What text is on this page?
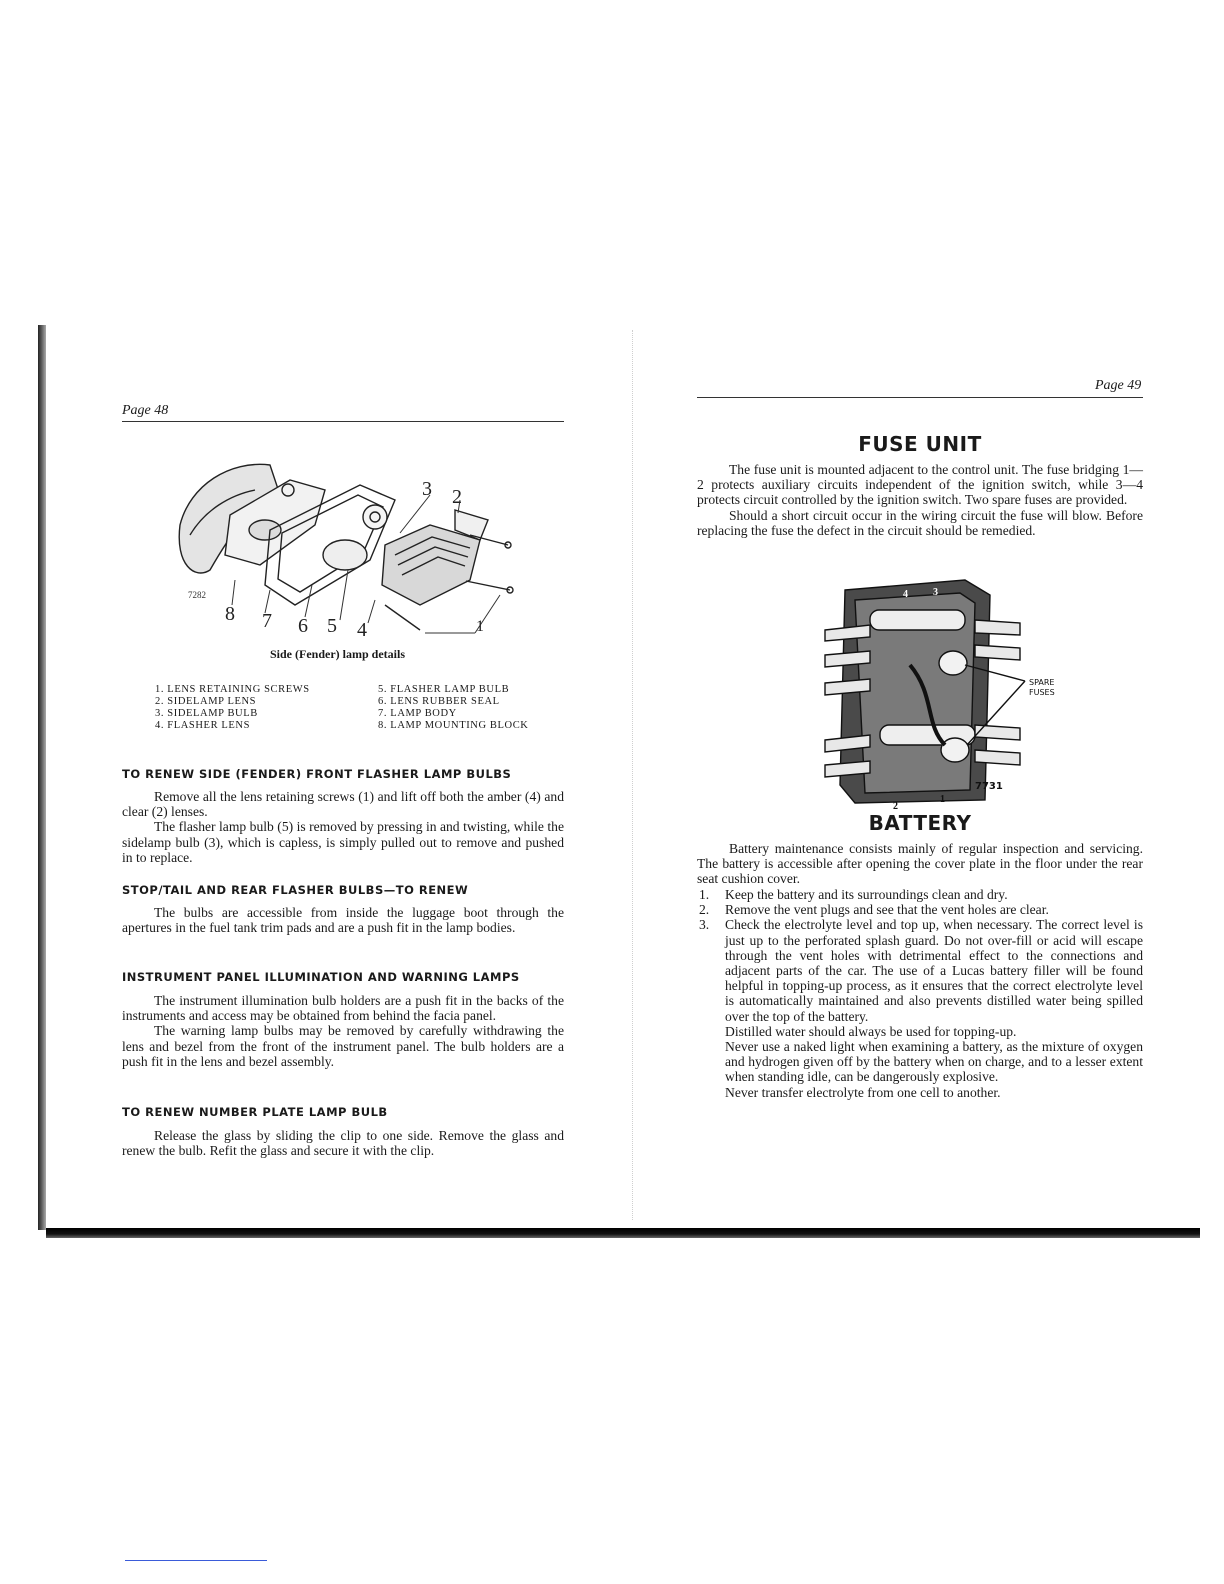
Page 48
7282
3 2
8 7 6 5 4	1
Side (Fender) lamp details
1. LENS RETAINING SCREWS
2. SIDELAMP LENS
3. SIDELAMP BULB
4. FLASHER LENS
5. FLASHER LAMP BULB
6. LENS RUBBER SEAL
7. LAMP BODY
8. LAMP MOUNTING BLOCK
TO RENEW SIDE (FENDER) FRONT FLASHER LAMP BULBS

Remove all the lens retaining screws (1) and lift off both the amber (4) and clear (2) lenses.

The flasher lamp bulb (5) is removed by pressing in and twisting, while the sidelamp bulb (3), which is capless, is simply pulled out to remove and pushed in to replace.

STOP/TAIL AND REAR FLASHER BULBS—TO RENEW

The bulbs are accessible from inside the luggage boot through the apertures in the fuel tank trim pads and are a push fit in the lamp bodies.

INSTRUMENT PANEL ILLUMINATION AND WARNING LAMPS

The instrument illumination bulb holders are a push fit in the backs of the instruments and access may be obtained from behind the facia panel.

The warning lamp bulbs may be removed by carefully withdrawing the lens and bezel from the front of the instrument panel. The bulb holders are a push fit in the lens and bezel assembly.

TO RENEW NUMBER PLATE LAMP BULB

Release the glass by sliding the clip to one side. Remove the glass and renew the bulb. Refit the glass and secure it with the clip.

Page 49
FUSE UNIT

The fuse unit is mounted adjacent to the control unit. The fuse bridging 1—2 protects auxiliary circuits independent of the ignition switch, while 3—4 protects circuit controlled by the ignition switch. Two spare fuses are provided.

Should a short circuit occur in the wiring circuit the fuse will blow. Before replacing the fuse the defect in the circuit should be remedied.

4	3
2
1
SPARE
FUSES
7731
BATTERY

Battery maintenance consists mainly of regular inspection and servicing. The battery is accessible after opening the cover plate in the floor under the rear seat cushion cover.

1. Keep the battery and its surroundings clean and dry.
2. Remove the vent plugs and see that the vent holes are clear.
3. Check the electrolyte level and top up, when necessary. The correct level is just up to the perforated splash guard. Do not over-fill or acid will escape through the vent holes with detrimental effect to the connections and adjacent parts of the car. The use of a Lucas battery filler will be found helpful in topping-up process, as it ensures that the correct electrolyte level is automatically maintained and also prevents distilled water being spilled over the top of the battery.
Distilled water should always be used for topping-up.
Never use a naked light when examining a battery, as the mixture of oxygen and hydrogen given off by the battery when on charge, and to a lesser extent when standing idle, can be dangerously explosive.
Never transfer electrolyte from one cell to another.
